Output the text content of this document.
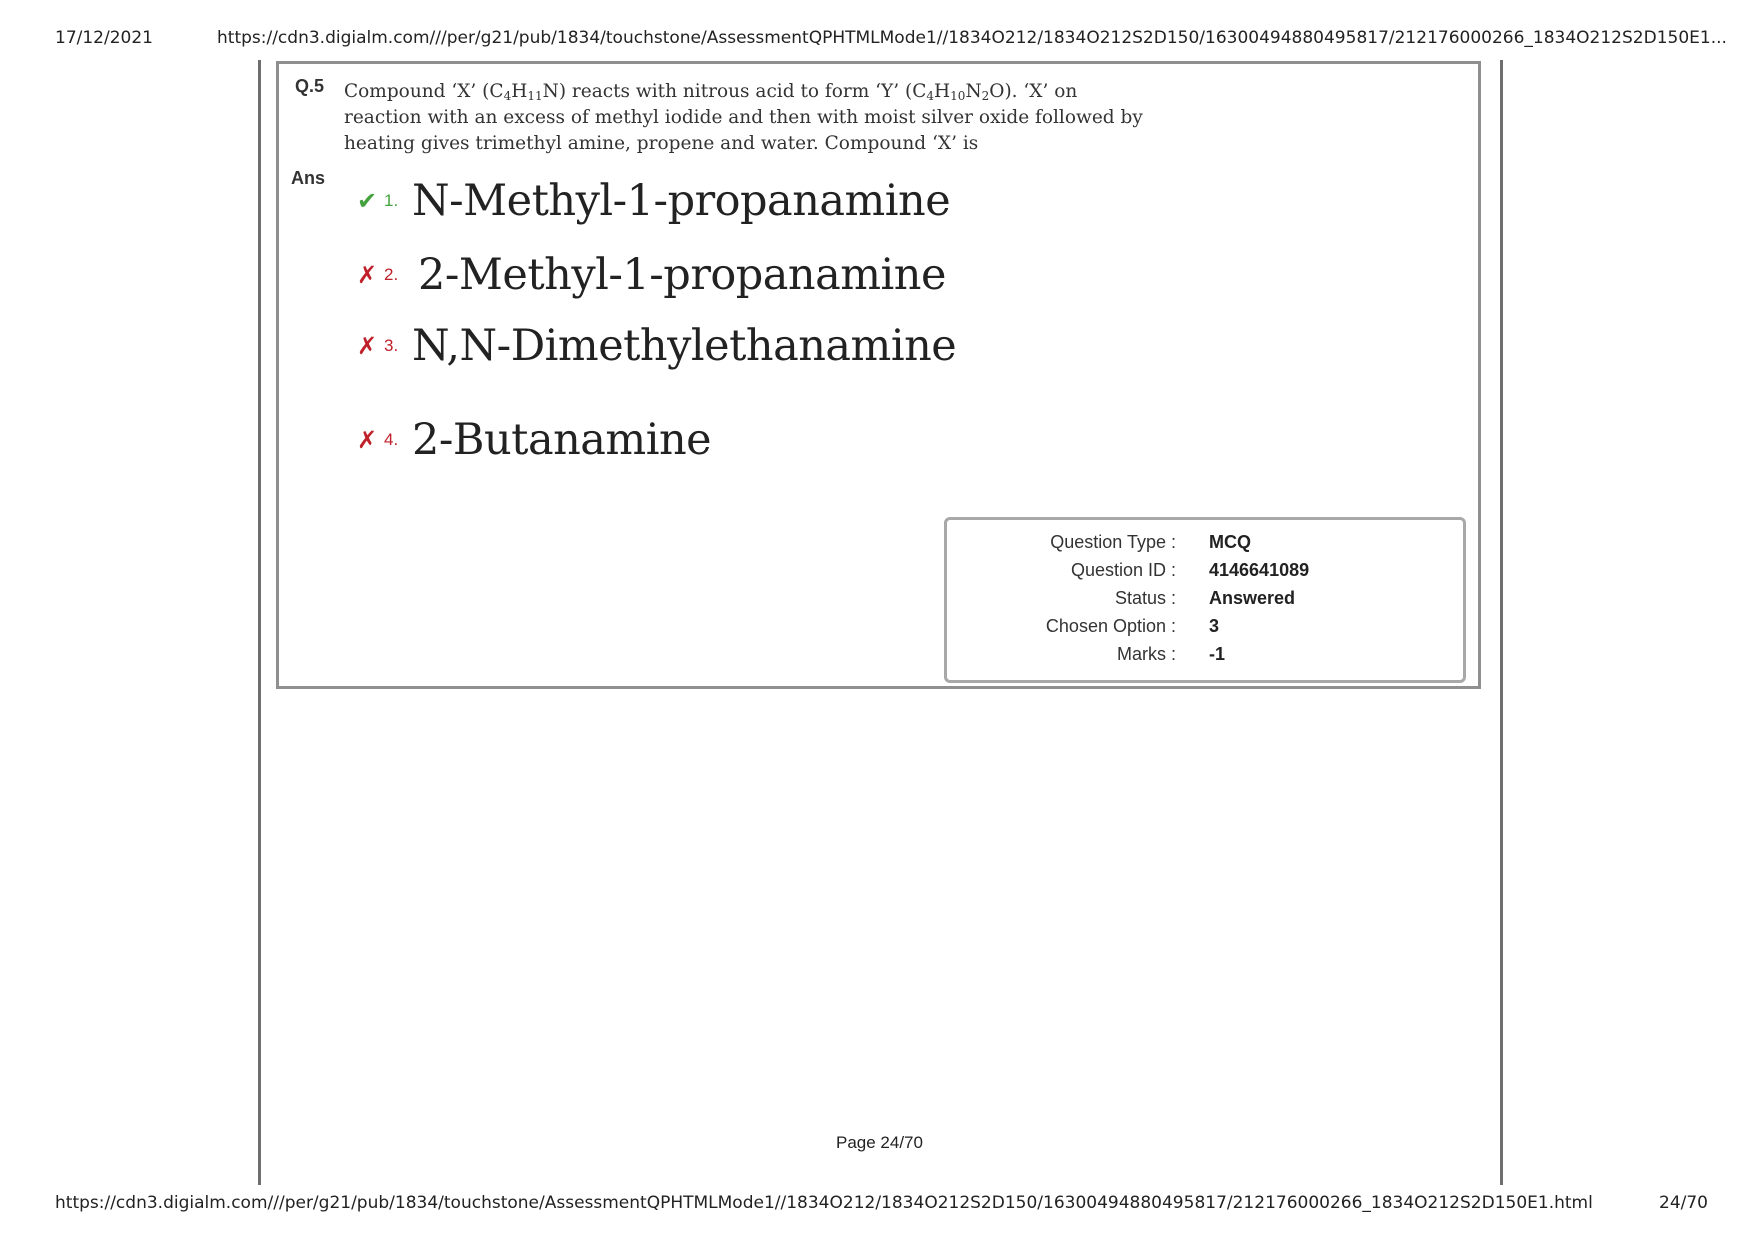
17/12/2021	https://cdn3.digialm.com///per/g21/pub/1834/touchstone/AssessmentQPHTMLMode1//1834O212/1834O212S2D150/16300494880495817/212176000266_1834O212S2D150E1...
Q.5 Compound ‘X’ $(C_4H_{11}N)$ reacts with nitrous acid to form ‘Y’ $(C_4H_{10}N_2O)$. ‘X’ on
reaction with an excess of methyl iodide and then with moist silver oxide followed by
heating gives trimethyl amine, propene and water. Compound ‘X’ is
Ans
✔ 1. N-Methyl-1-propanamine
✗ 2. 2-Methyl-1-propanamine
✗ 3. N,N-Dimethylethanamine
✗ 4. 2-Butanamine
Question Type : MCQ
Question ID : 4146641089
Status : Answered
Chosen Option : 3
Marks : -1
Page 24/70
https://cdn3.digialm.com///per/g21/pub/1834/touchstone/AssessmentQPHTMLMode1//1834O212/1834O212S2D150/16300494880495817/212176000266_1834O212S2D150E1.html	24/70
